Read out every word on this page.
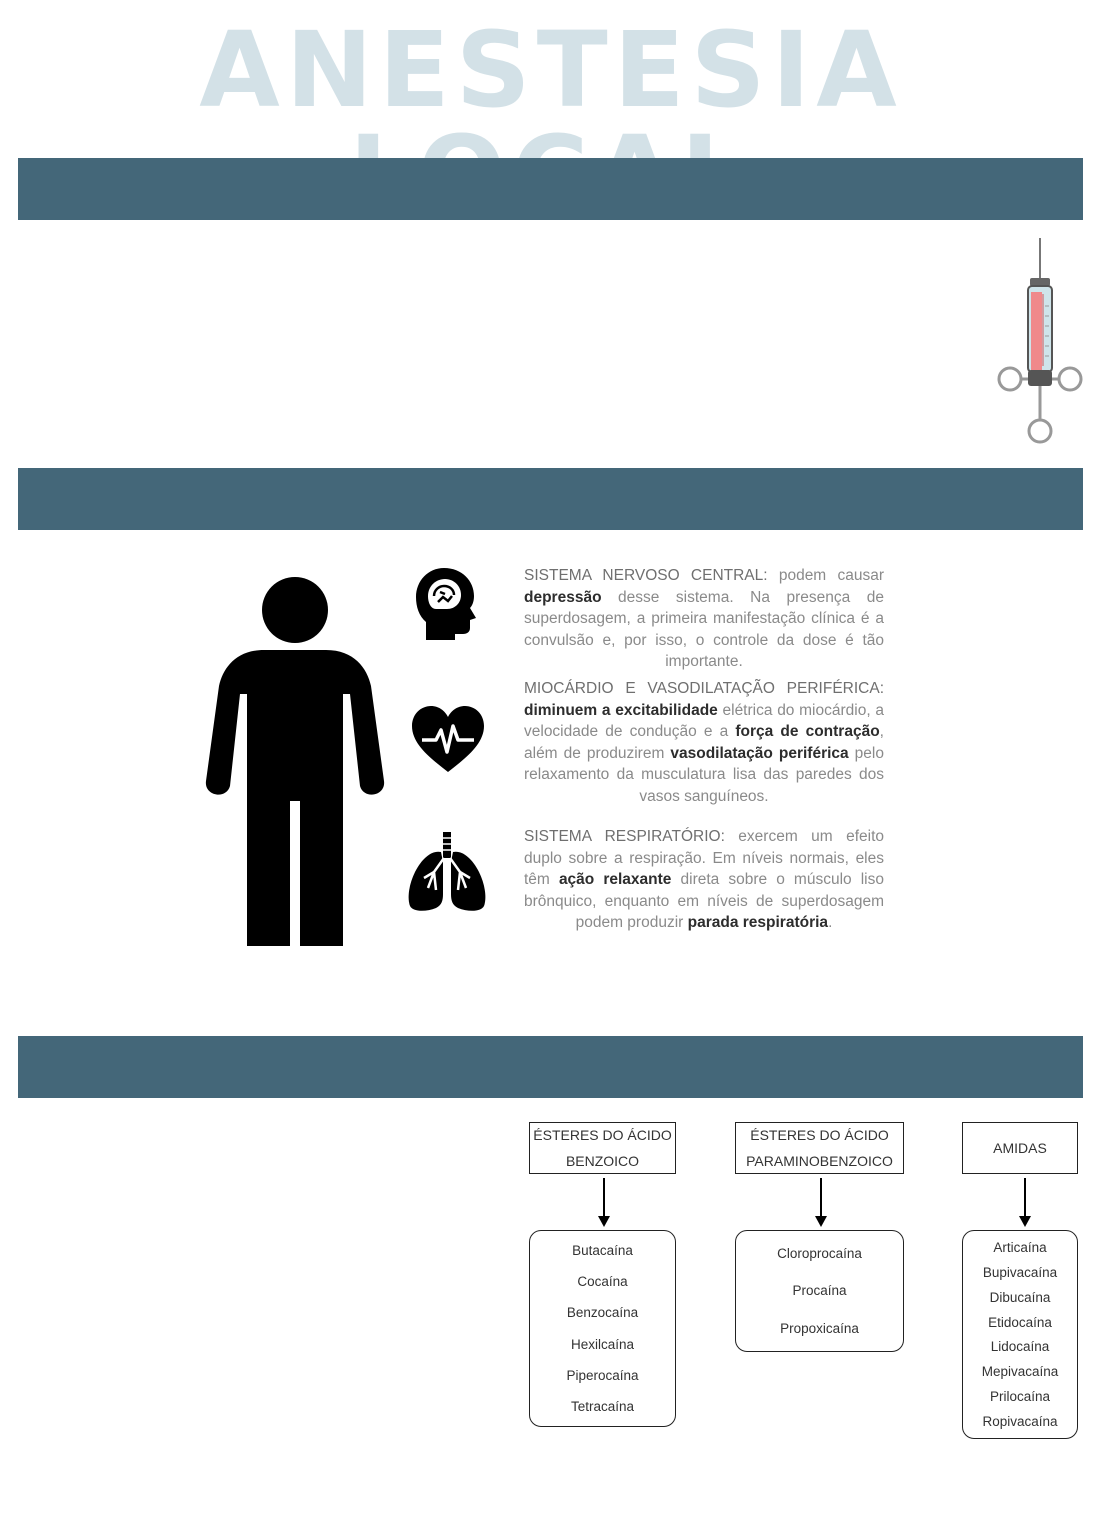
ANESTESIA
SISTEMA NERVOSO CENTRAL: podem causar depressão desse sistema. Na presença de superdosagem, a primeira manifestação clínica é a convulsão e, por isso, o controle da dose é tão importante.
MIOCÁRDIO E VASODILATAÇÃO PERIFÉRICA: diminuem a excitabilidade elétrica do miocárdio, a velocidade de condução e a força de contração, além de produzirem vasodilatação periférica pelo relaxamento da musculatura lisa das paredes dos vasos sanguíneos.
SISTEMA RESPIRATÓRIO: exercem um efeito duplo sobre a respiração. Em níveis normais, eles têm ação relaxante direta sobre o músculo liso brônquico, enquanto em níveis de superdosagem podem produzir parada respiratória.
ÉSTERES DO ÁCIDO
BENZOICO
ÉSTERES DO ÁCIDO
PARAMINOBENZOICO
AMIDAS
Butacaína
Cocaína
Benzocaína
Hexilcaína
Piperocaína
Tetracaína
Cloroprocaína
Procaína
Propoxicaína
Articaína
Bupivacaína
Dibucaína
Etidocaína
Lidocaína
Mepivacaína
Prilocaína
Ropivacaína
